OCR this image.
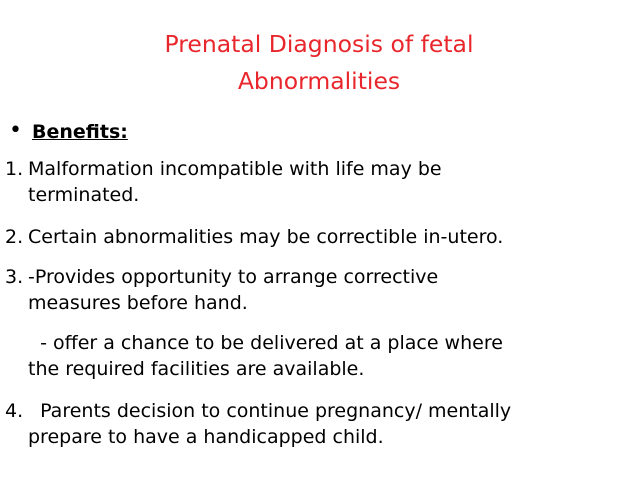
Prenatal Diagnosis of fetal
Abnormalities
• Benefits:
1. Malformation incompatible with life may be
terminated.
2. Certain abnormalities may be correctible in-utero.
3. -Provides opportunity to arrange corrective
measures before hand.
- offer a chance to be delivered at a place where
the required facilities are available.
4. Parents decision to continue pregnancy/ mentally
prepare to have a handicapped child.
